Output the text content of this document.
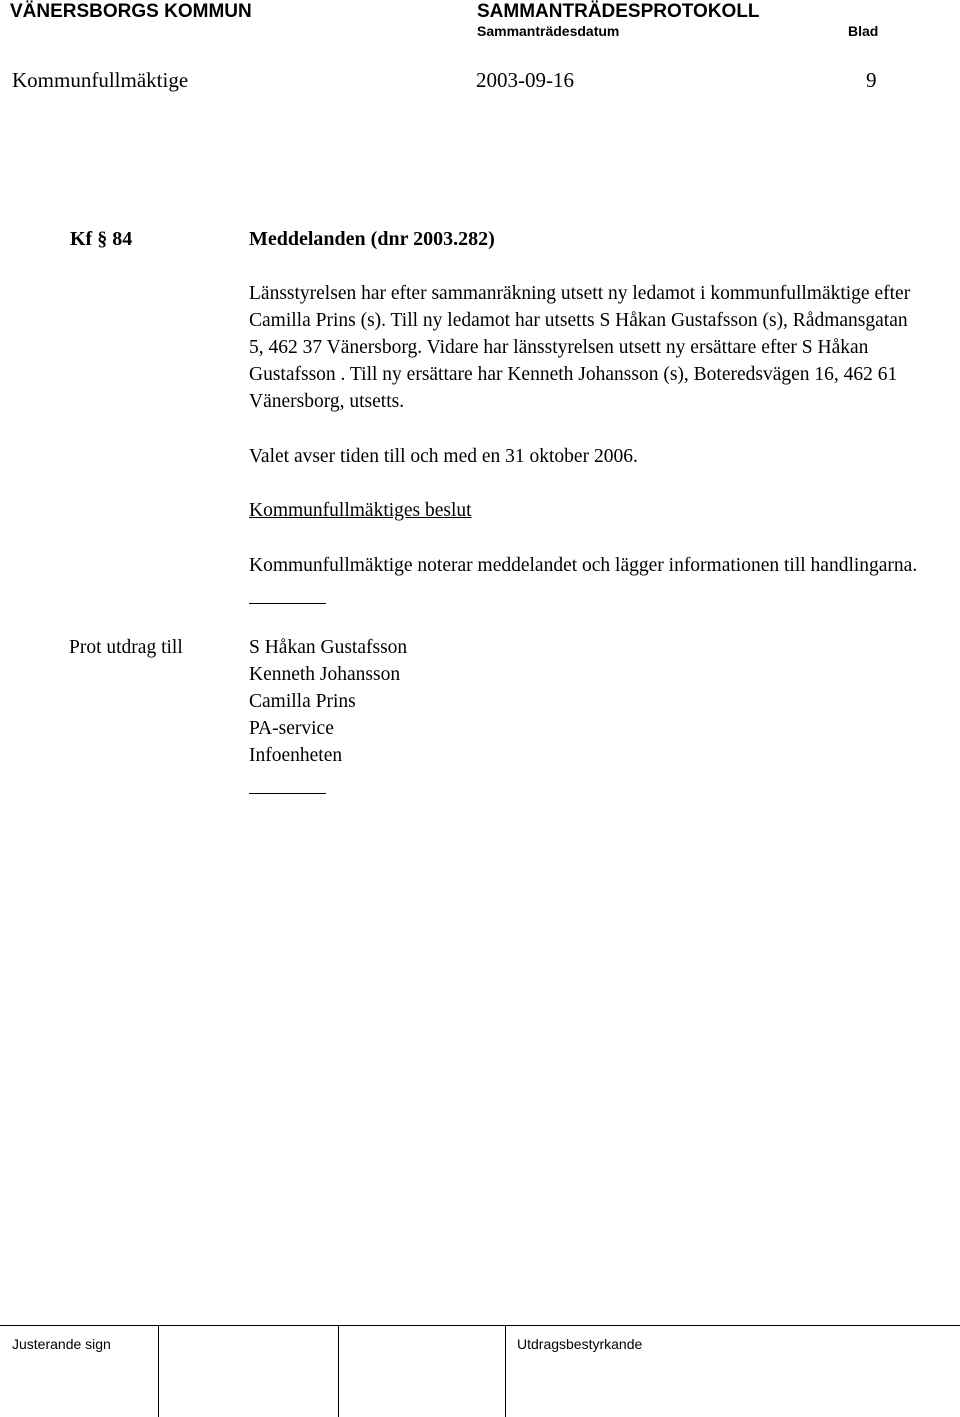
VÄNERSBORGS KOMMUN	SAMMANTRÄDESPROTOKOLL
Sammanträdesdatum	Blad
Kommunfullmäktige	2003-09-16	9
Kf § 84	Meddelanden (dnr 2003.282)
Länsstyrelsen har efter sammanräkning utsett ny ledamot i kommunfullmäktige efter
Camilla Prins (s). Till ny ledamot har utsetts S Håkan Gustafsson (s), Rådmansgatan
5, 462 37 Vänersborg. Vidare har länsstyrelsen utsett ny ersättare efter S Håkan
Gustafsson . Till ny ersättare har Kenneth Johansson (s), Boteredsvägen 16, 462 61
Vänersborg, utsetts.
Valet avser tiden till och med en 31 oktober 2006.
Kommunfullmäktiges beslut
Kommunfullmäktige noterar meddelandet och lägger informationen till handlingarna.
Prot utdrag till	S Håkan Gustafsson
Kenneth Johansson
Camilla Prins
PA-service
Infoenheten
Justerande sign	Utdragsbestyrkande
